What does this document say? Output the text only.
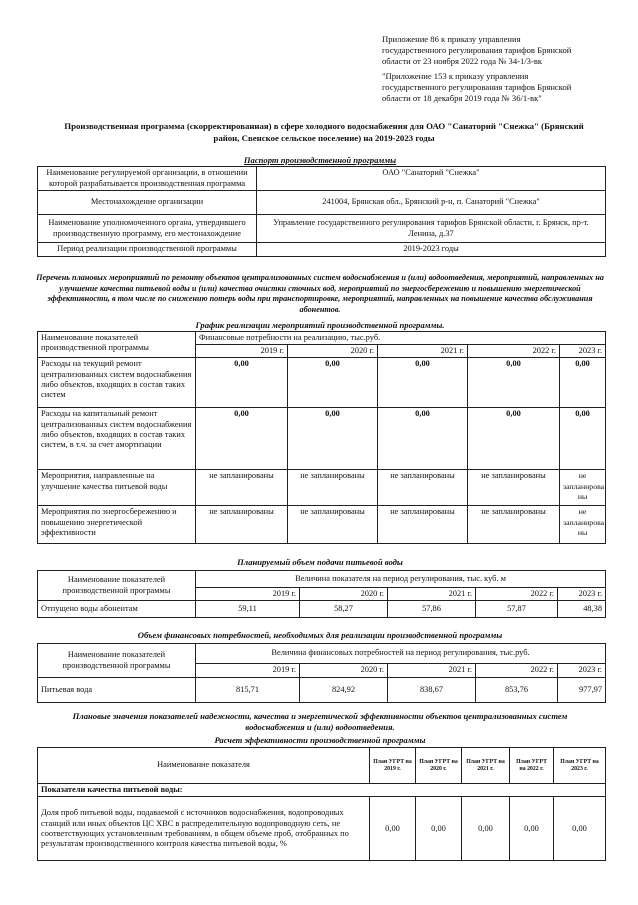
Приложение 86 к приказу управления
государственного регулирования тарифов Брянской
области от 23 ноября 2022 года № 34-1/3-вк
"Приложение 153 к приказу управления
государственного регулирования тарифов Брянской
области от 18 декабря 2019 года № 36/1-вк"
Производственная программа (скорректированная) в сфере холодного водоснабжения для ОАО "Санаторий "Снежка" (Брянский
район, Свенское сельское поселение) на 2019-2023 годы
Паспорт производственной программы
Наименование регулируемой организации, в отношении которой разрабатывается производственная программа	ОАО "Санаторий "Снежка"
Местонахождение организации	241004, Брянская обл., Брянский р-н, п. Санаторий "Снежка"
Наименование уполномоченного органа, утвердившего производственную программу, его местонахождение	Управление государственного регулирования тарифов Брянской области, г. Брянск, пр-т. Ленина, д.37
Период реализации производственной программы	2019-2023 годы
Перечень плановых мероприятий по ремонту объектов централизованных систем водоснабжения и (или) водоотведения, мероприятий, направленных на улучшение качества питьевой воды и (или) качества очистки сточных вод, мероприятий по энергосбережению и повышению энергетической эффективности, в том числе по снижению потерь воды при транспортировке, мероприятий, направленных на повышение качества обслуживания абонентов.
График реализации мероприятий производственной программы.
Наименование показателей производственной программы	Финансовые потребности на реализацию, тыс.руб.				
	2019 г.	2020 г.	2021 г.	2022 г.	2023 г.
Расходы на текущий ремонт централизованных систем водоснабжения либо объектов, входящих в состав таких систем	0,00	0,00	0,00	0,00	0,00
Расходы на капитальный ремонт централизованных систем водоснабжения либо объектов, входящих в состав таких систем, в т.ч. за счет амортизации	0,00	0,00	0,00	0,00	0,00
Мероприятия, направленные на улучшение качества питьевой воды	не запланированы	не запланированы	не запланированы	не запланированы	не запланирова ны
Мероприятия по энергосбережению и повышению энергетической эффективности	не запланированы	не запланированы	не запланированы	не запланированы	не запланирова ны
Планируемый объем подачи питьевой воды
Наименование показателей производственной программы	Величина показателя на период регулирования, тыс. куб. м				
	2019 г.	2020 г.	2021 г.	2022 г.	2023 г.
Отпущено воды абонентам	59,11	58,27	57,86	57,87	48,38
Объем финансовых потребностей, необходимых для реализации производственной программы
Наименование показателей производственной программы	Величина финансовых потребностей на период регулирования, тыс.руб.				
	2019 г.	2020 г.	2021 г.	2022 г.	2023 г.
Питьевая вода	815,71	824,92	838,67	853,76	977,97
Плановые значения показателей надежности, качества и энергетической эффективности объектов централизованных систем
водоснабжения и (или) водоотведения.
Расчет эффективности производственной программы
Наименование показателя	План УГРТ на 2019 г.	План УГРТ на 2020 г.	План УГРТ на 2021 г.	План УГРТ на 2022 г.	План УГРТ на 2023 г.
Показатели качества питьевой воды:					
Доля проб питьевой воды, подаваемой с источников водоснабжения, водопроводных станций или иных объектов ЦС ХВС в распределительную водопроводную сеть, не соответствующих установленным требованиям, в общем объеме проб, отобранных по результатам производственного контроля качества питьевой воды, %	0,00	0,00	0,00	0,00	0,00
